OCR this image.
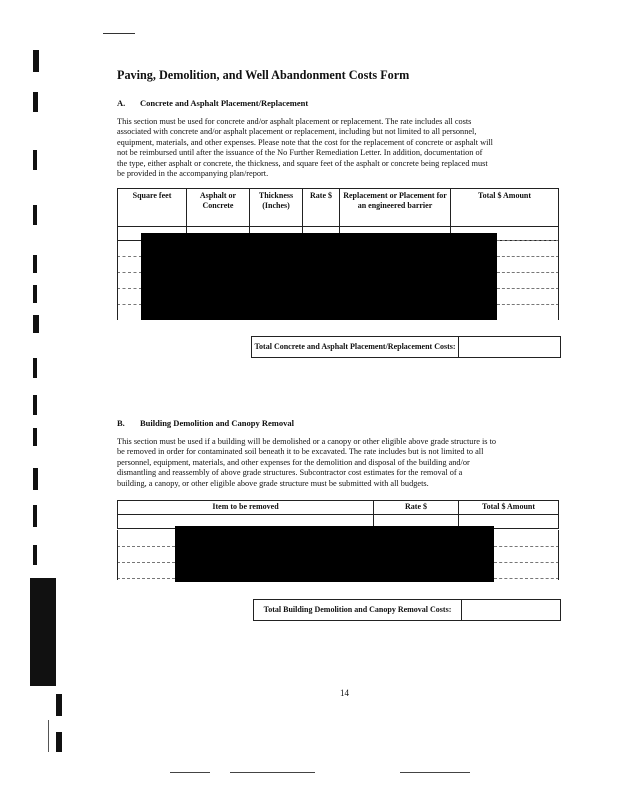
Paving, Demolition, and Well Abandonment Costs Form
A. Concrete and Asphalt Placement/Replacement
This section must be used for concrete and/or asphalt placement or replacement. The rate includes all costs
associated with concrete and/or asphalt placement or replacement, including but not limited to all personnel,
equipment, materials, and other expenses. Please note that the cost for the replacement of concrete or asphalt will
not be reimbursed until after the issuance of the No Further Remediation Letter. In addition, documentation of
the type, either asphalt or concrete, the thickness, and square feet of the asphalt or concrete being replaced must
be provided in the accompanying plan/report.
Square feet	Asphalt or Concrete	Thickness (Inches)	Rate $	Replacement or Placement for an engineered barrier	Total $ Amount

Total Concrete and Asphalt Placement/Replacement Costs:
B. Building Demolition and Canopy Removal
This section must be used if a building will be demolished or a canopy or other eligible above grade structure is to
be removed in order for contaminated soil beneath it to be excavated. The rate includes but is not limited to all
personnel, equipment, materials, and other expenses for the demolition and disposal of the building and/or
dismantling and reassembly of above grade structures. Subcontractor cost estimates for the removal of a
building, a canopy, or other eligible above grade structure must be submitted with all budgets.
Item to be removed	Rate $	Total $ Amount

Total Building Demolition and Canopy Removal Costs:
14
